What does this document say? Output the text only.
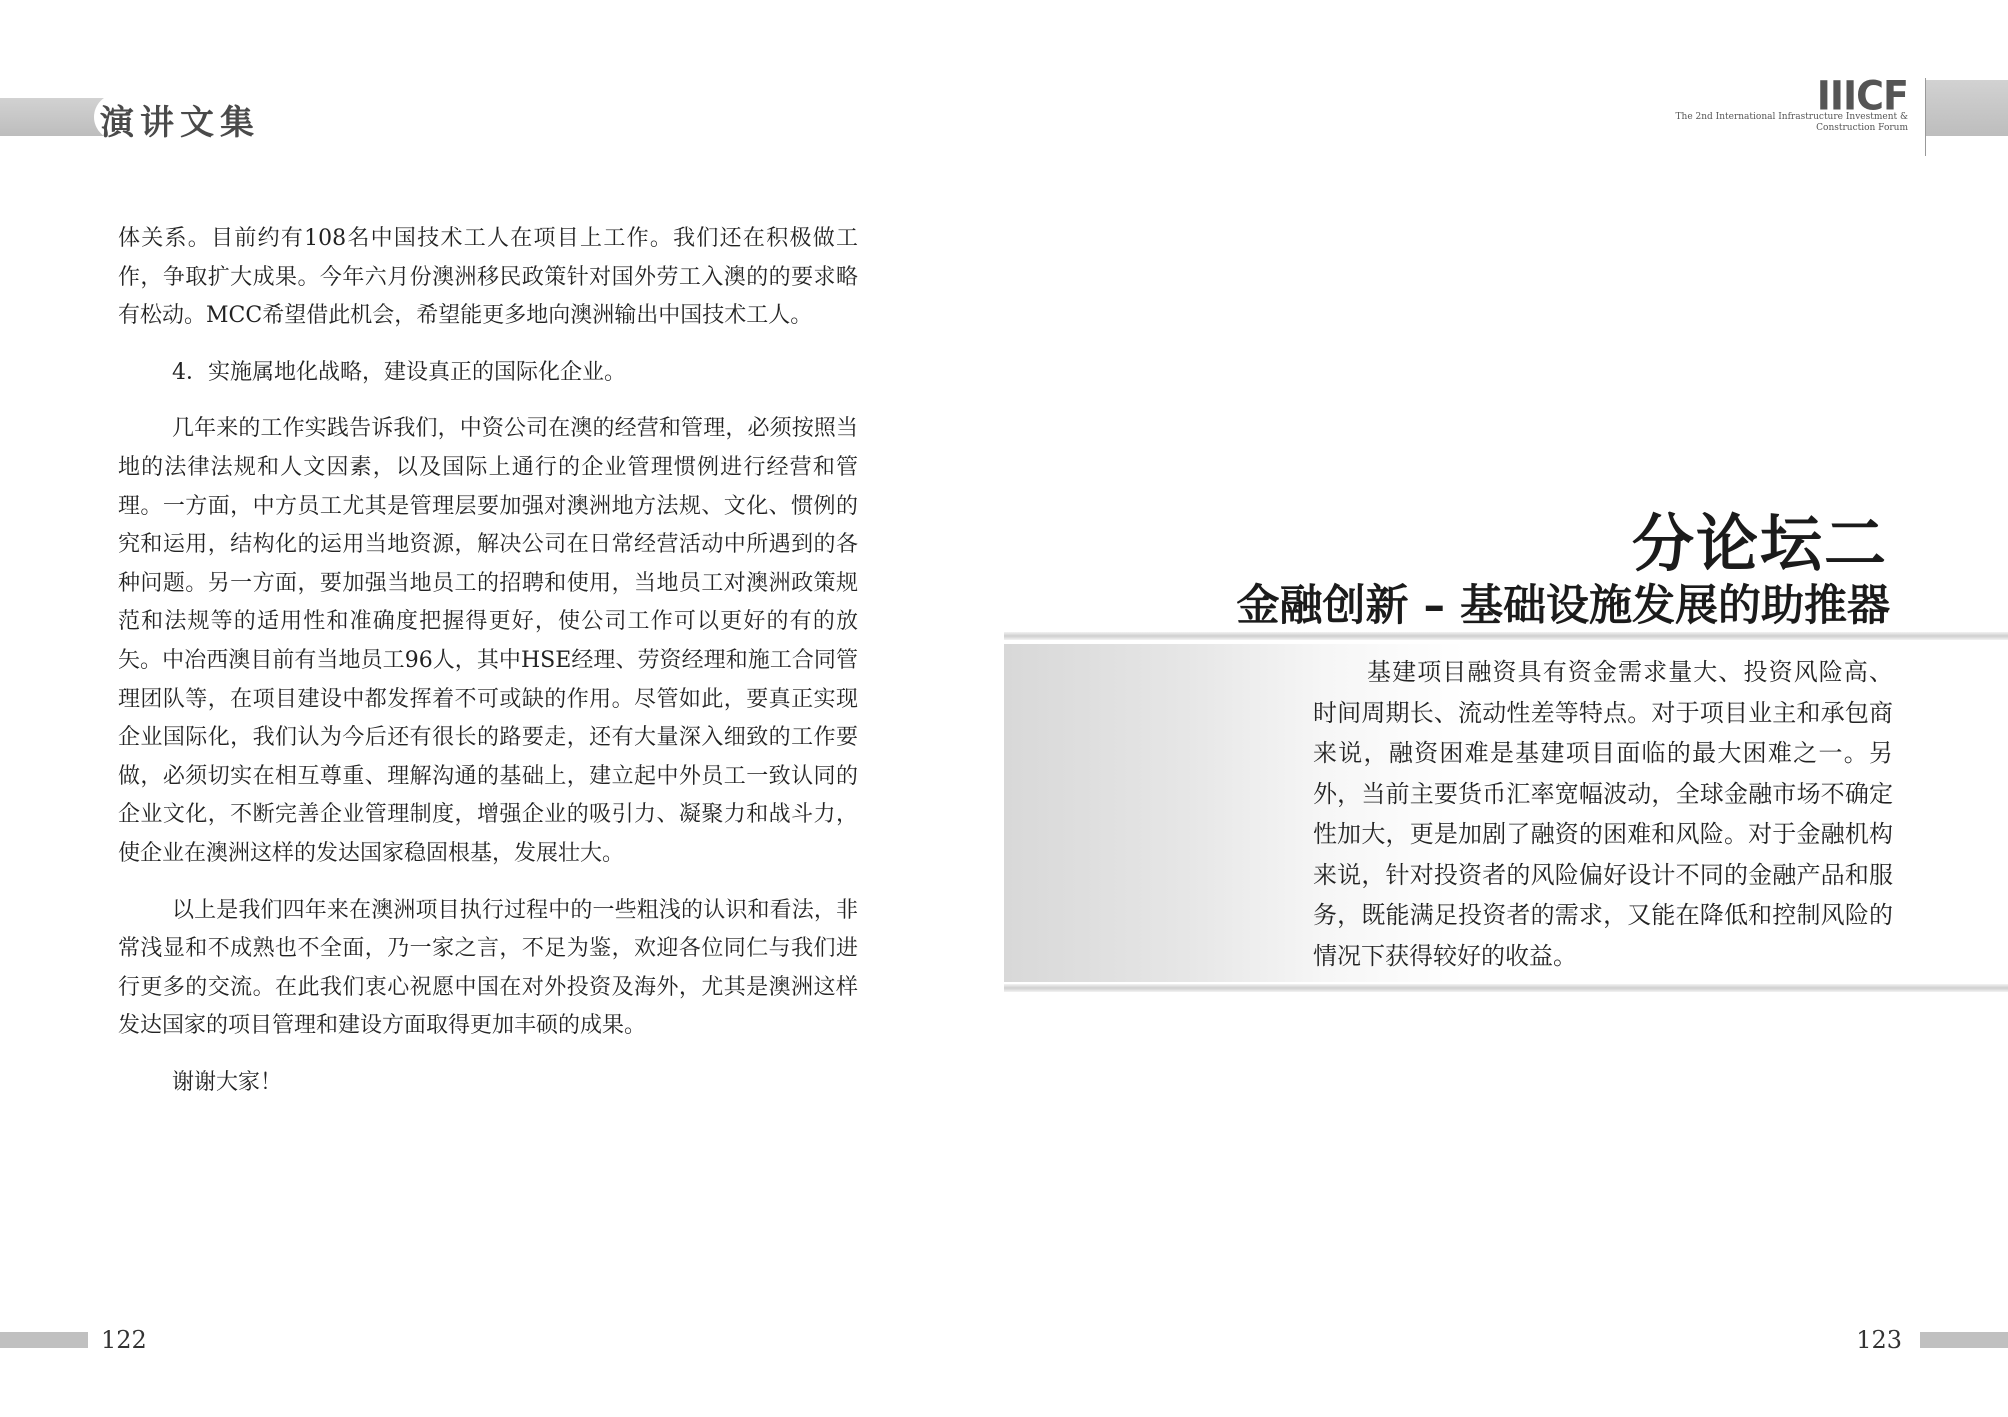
演讲文集

体关系。目前约有108名中国技术工人在项目上工作。我们还在积极做工作，争取扩大成果。今年六月份澳洲移民政策针对国外劳工入澳的的要求略有松动。MCC希望借此机会，希望能更多地向澳洲输出中国技术工人。

4．实施属地化战略，建设真正的国际化企业。

几年来的工作实践告诉我们，中资公司在澳的经营和管理，必须按照当地的法律法规和人文因素，以及国际上通行的企业管理惯例进行经营和管理。一方面，中方员工尤其是管理层要加强对澳洲地方法规、文化、惯例的究和运用，结构化的运用当地资源，解决公司在日常经营活动中所遇到的各种问题。另一方面，要加强当地员工的招聘和使用，当地员工对澳洲政策规范和法规等的适用性和准确度把握得更好，使公司工作可以更好的有的放矢。中冶西澳目前有当地员工96人，其中HSE经理、劳资经理和施工合同管理团队等，在项目建设中都发挥着不可或缺的作用。尽管如此，要真正实现企业国际化，我们认为今后还有很长的路要走，还有大量深入细致的工作要做，必须切实在相互尊重、理解沟通的基础上，建立起中外员工一致认同的企业文化，不断完善企业管理制度，增强企业的吸引力、凝聚力和战斗力，使企业在澳洲这样的发达国家稳固根基，发展壮大。

以上是我们四年来在澳洲项目执行过程中的一些粗浅的认识和看法，非常浅显和不成熟也不全面，乃一家之言，不足为鉴，欢迎各位同仁与我们进行更多的交流。在此我们衷心祝愿中国在对外投资及海外，尤其是澳洲这样发达国家的项目管理和建设方面取得更加丰硕的成果。

谢谢大家！

122
IIICF
The 2nd International Infrastructure Investment &
Construction Forum
分论坛二
金融创新 – 基础设施发展的助推器

基建项目融资具有资金需求量大、投资风险高、时间周期长、流动性差等特点。对于项目业主和承包商来说，融资困难是基建项目面临的最大困难之一。另外，当前主要货币汇率宽幅波动，全球金融市场不确定性加大，更是加剧了融资的困难和风险。对于金融机构来说，针对投资者的风险偏好设计不同的金融产品和服务，既能满足投资者的需求，又能在降低和控制风险的情况下获得较好的收益。

123
